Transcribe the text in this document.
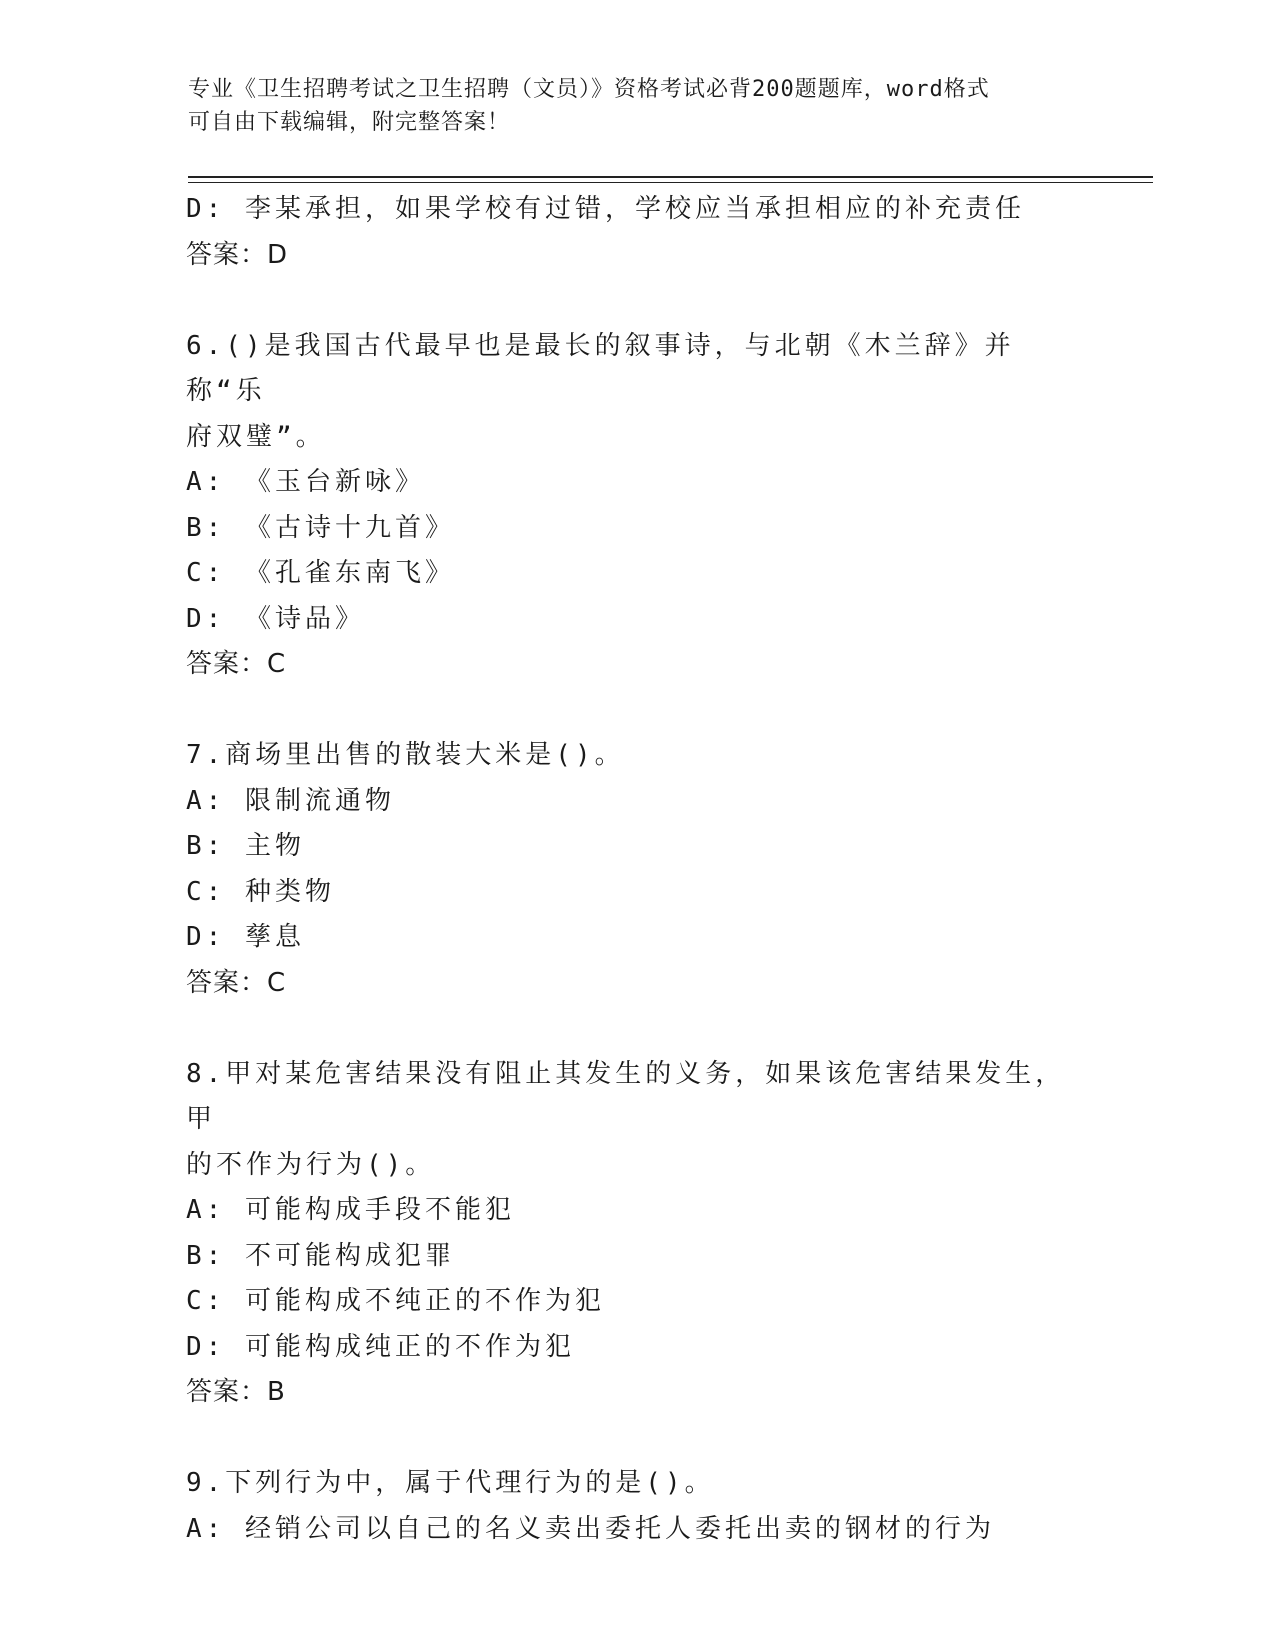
专业《卫生招聘考试之卫生招聘（文员）》资格考试必背200题题库，word格式
可自由下载编辑，附完整答案！
D: 李某承担，如果学校有过错，学校应当承担相应的补充责任
答案：D
6.()是我国古代最早也是最长的叙事诗，与北朝《木兰辞》并称“乐
府双璧”。
A: 《玉台新咏》
B: 《古诗十九首》
C: 《孔雀东南飞》
D: 《诗品》
答案：C
7.商场里出售的散装大米是()。
A: 限制流通物
B: 主物
C: 种类物
D: 孳息
答案：C
8.甲对某危害结果没有阻止其发生的义务，如果该危害结果发生，甲
的不作为行为()。
A: 可能构成手段不能犯
B: 不可能构成犯罪
C: 可能构成不纯正的不作为犯
D: 可能构成纯正的不作为犯
答案：B
9.下列行为中，属于代理行为的是()。
A: 经销公司以自己的名义卖出委托人委托出卖的钢材的行为
